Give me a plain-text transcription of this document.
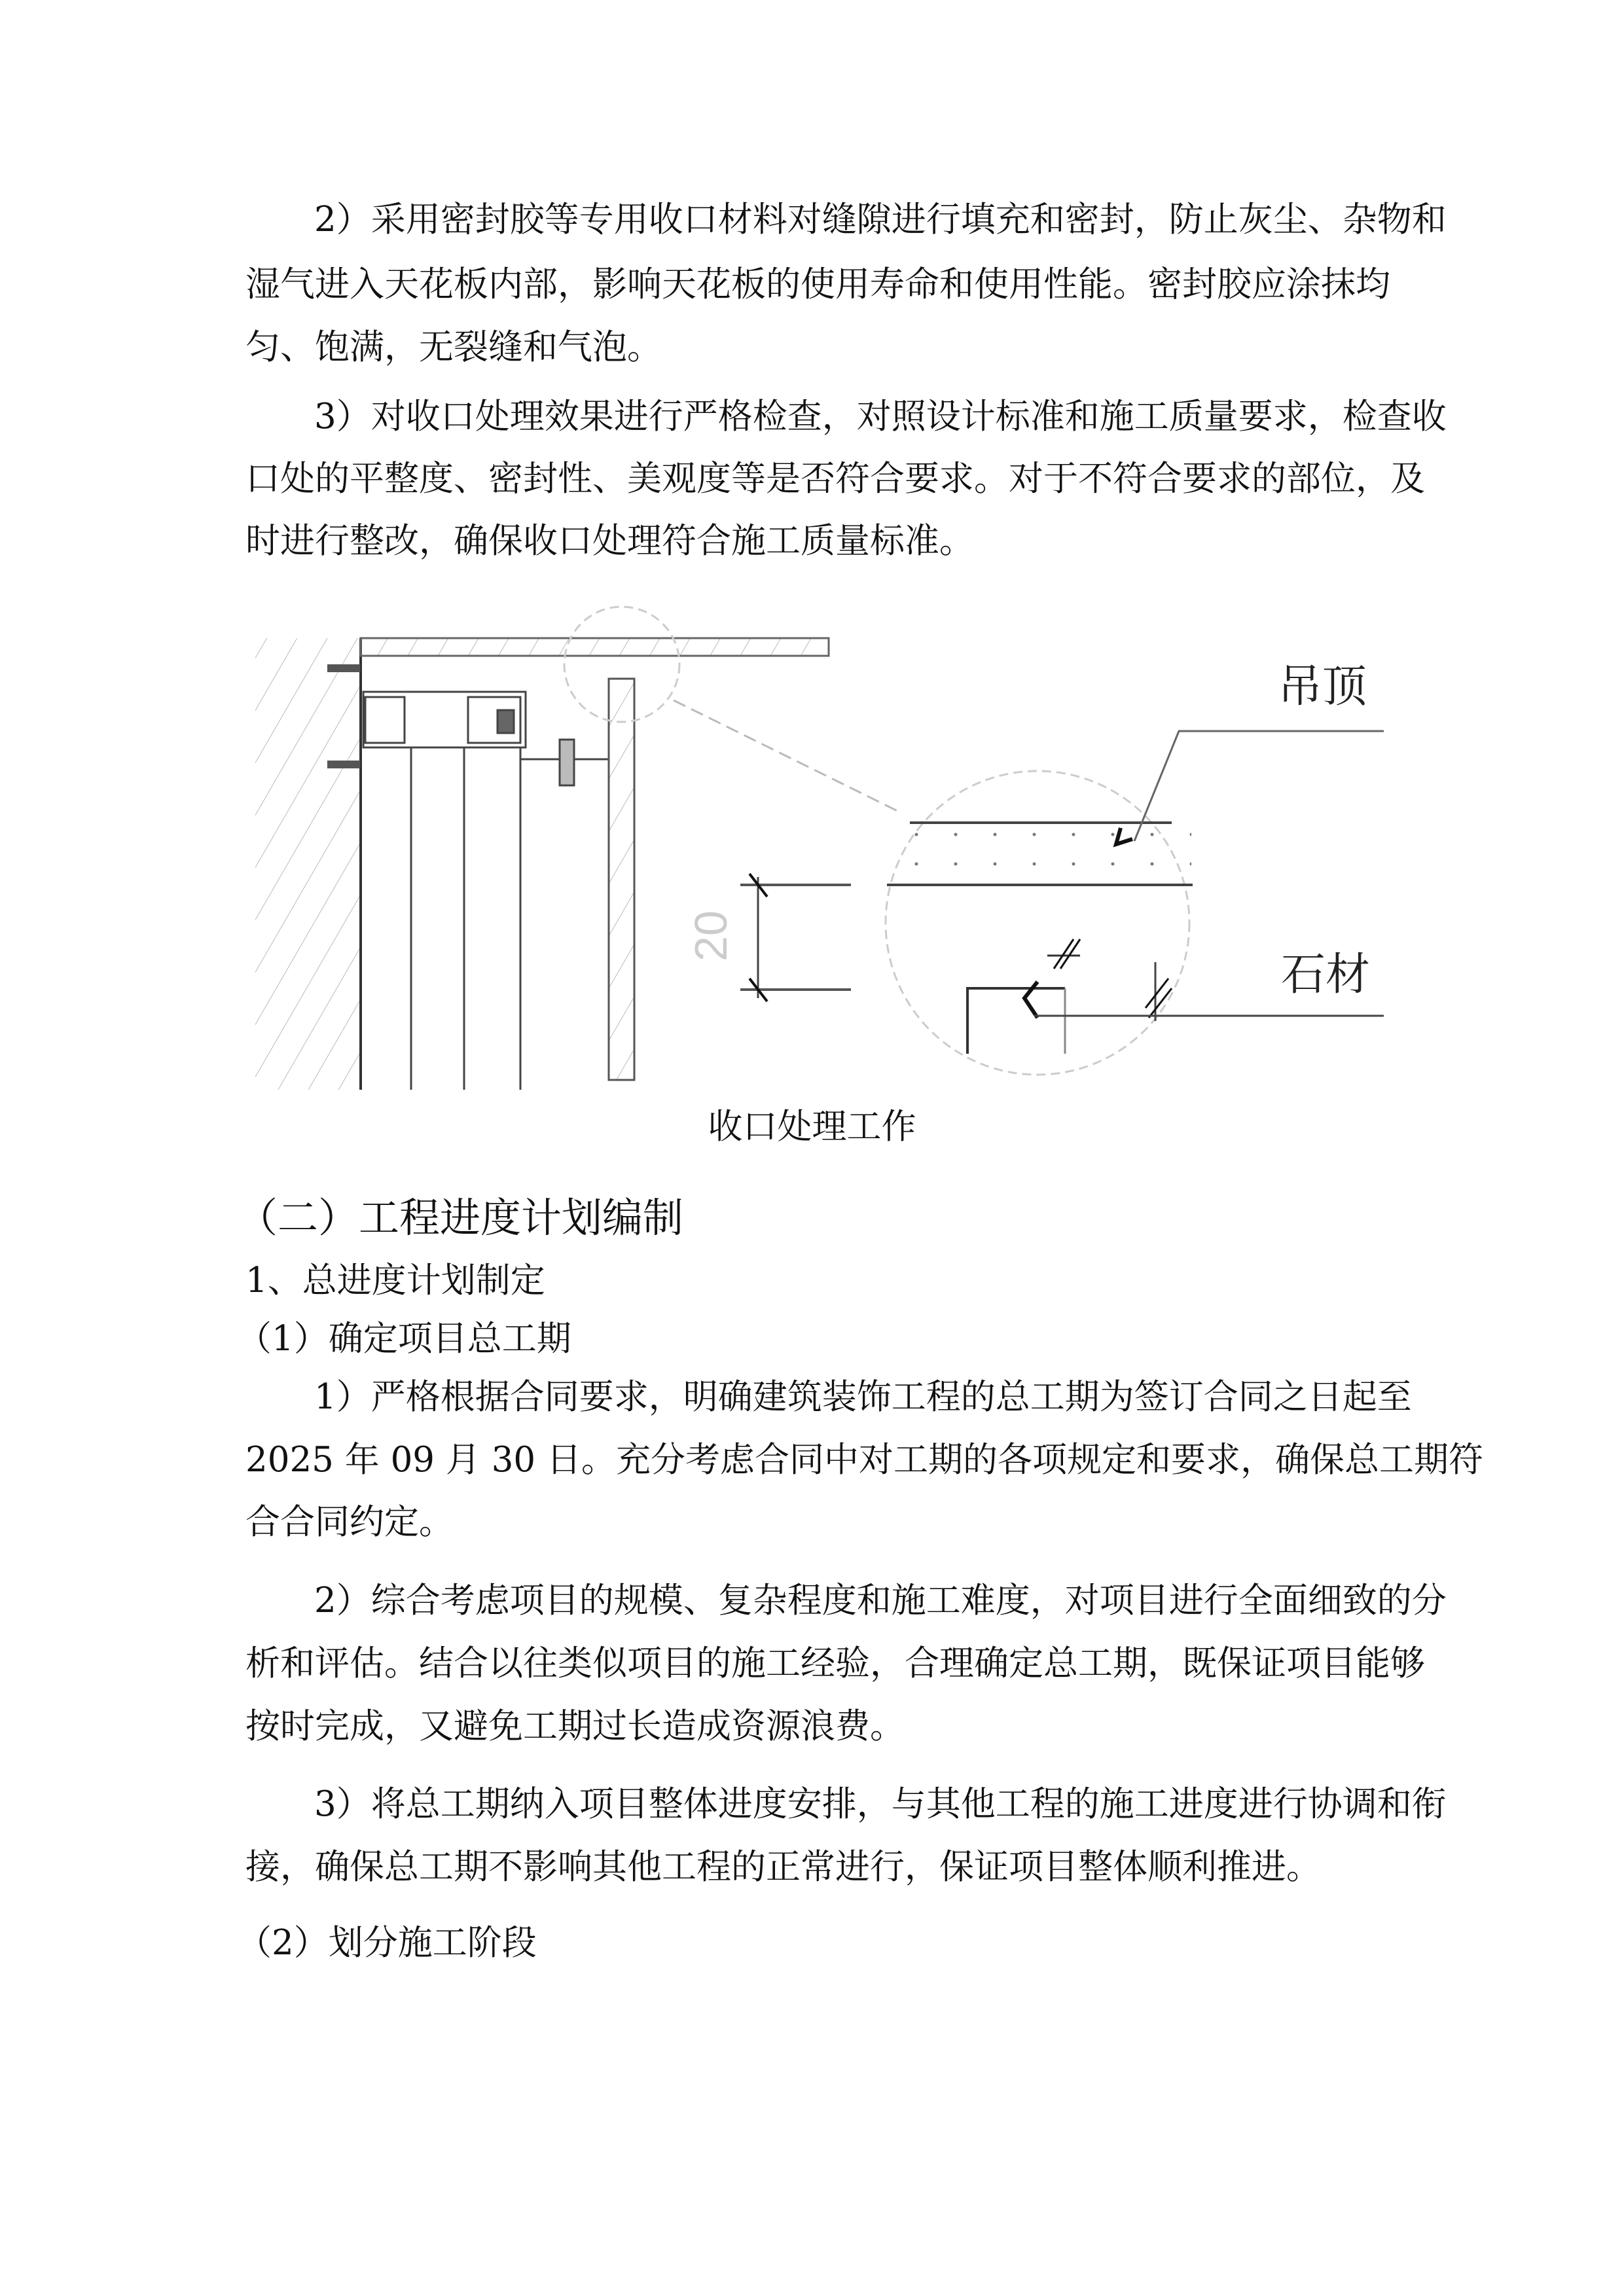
2）采用密封胶等专用收口材料对缝隙进行填充和密封，防止灰尘、杂物和
湿气进入天花板内部，影响天花板的使用寿命和使用性能。密封胶应涂抹均
匀、饱满，无裂缝和气泡。
3）对收口处理效果进行严格检查，对照设计标准和施工质量要求，检查收
口处的平整度、密封性、美观度等是否符合要求。对于不符合要求的部位，及
时进行整改，确保收口处理符合施工质量标准。
20
吊顶
石材
收口处理工作
（二）工程进度计划编制
1、总进度计划制定
（1）确定项目总工期
1）严格根据合同要求，明确建筑装饰工程的总工期为签订合同之日起至
2025 年 09 月 30 日。充分考虑合同中对工期的各项规定和要求，确保总工期符
合合同约定。
2）综合考虑项目的规模、复杂程度和施工难度，对项目进行全面细致的分
析和评估。结合以往类似项目的施工经验，合理确定总工期，既保证项目能够
按时完成，又避免工期过长造成资源浪费。
3）将总工期纳入项目整体进度安排，与其他工程的施工进度进行协调和衔
接，确保总工期不影响其他工程的正常进行，保证项目整体顺利推进。
（2）划分施工阶段
